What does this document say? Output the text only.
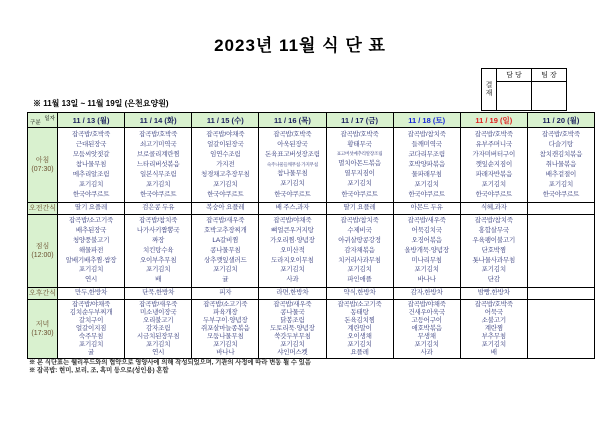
2023년 11월 식 단 표
결재
담 당	팀 장
※ 11월 13일 ~ 11월 19일 (은천요양원)
일자
구분	11 / 13 (월)	11 / 14 (화)	11 / 15 (수)	11 / 16 (목)	11 / 17 (금)	11 / 18 (토)	11 / 19 (일)	11 / 20 (월)

아침
(07:30)

잡곡밥/호박죽
근대된장국
모둠씨앗젓갈
참나물무침
메추리알조림
포기김치
한국야쿠르트

잡곡밥/호박죽
쇠고기미역국
브로콜리계란찜
느타리버섯볶음
일본식무조림
포기김치
한국야쿠르트

잡곡밥/야채죽
얼갈이된장국
임연수조림
가지전
청경채고추장무침
포기김치
한국야쿠르트

잡곡밥/호박죽
아욱된장국
돈육표고버섯장조림
숙주나물들깨무침·가지무침
참나물무침
포기김치
한국야쿠르트

잡곡밥/호박죽
황태무국
표고버섯메추리알장조림
멸치아몬드볶음
열무지짐이
포기김치
한국야쿠르트

잡곡밥/참치죽
들깨미역국
코다리무조림
호박양파볶음
물파래무침
포기김치
한국야쿠르트

잡곡밥/호박죽
유부주머니국
가자미버터구이
깻잎순지짐이
파래자반볶음
포기김치
한국야쿠르트

잡곡밥/호박죽
다슬기탕
참치캔김치볶음
취나물볶음
배추겉절이
포기김치
한국야쿠르트

오전간식	딸기 요플레	검은콩 두유	복숭아 요플레	배 주스,과자	딸기 요플레	아몬드 두유	식혜,과자	

점심
(12:00)

잡곡밥/소고기죽
배추된장국
청양풍불고기
해물파전
알배기배추찜·쌈장
포기김치
연시

잡곡밥/참치죽
나가사키짬뽕국
짜장
치킨탕수육
오이부추무침
포기김치
배

잡곡밥/새우죽
호박고추장찌개
LA갈비찜
콩나물무침
상추깻잎샐러드
포기김치
귤

잡곡밥/야채죽
뼈얼큰우거지탕
가오리찜·양념장
오미산적
도라지오이무침
포기김치
사과

잡곡밥/참치죽
수제비국
아귀살땅콩강정
감자채볶음
치커리사과무침
포기김치
파인애플

잡곡밥/새우죽
어묵김치국
오징어볶음
올방개묵·양념장
미나리무침
포기김치
바나나

잡곡밥/참치죽
홍합살무국
우육팽이불고기
단호박찜
톳나물사과무침
포기김치
단감

오후간식	만두,한방차	단묵,한방차	피자	라면,한방차	약식,한방차	감자,한방차	밤빵,한방차	

저녁
(17:30)

잡곡밥/야채죽
김치순두부찌개
갈치구이
얼갈이지짐
숙주무침
포기김치
귤

잡곡밥/새우죽
미소냉이장국
오리불고기
감자조림
시금치된장무침
포기김치
연시

잡곡밥/소고기죽
파육개장
두부구이·양념장
쥐포살마늘종볶음
모둠나물무침
포기김치
바나나

잡곡밥/새우죽
콩나물국
닭봉조림
도토리묵·양념장
쑥갓두부무침
포기김치
샤인머스켓

잡곡밥/소고기죽
동태탕
돈육김치찜
계란말이
오이생채
포기김치
요플레

잡곡밥/야채죽
건새우아욱국
고등어구이
애호박볶음
무생채
포기김치
사과

잡곡밥/호박죽
어묵국
소불고기
계란찜
부추무침
포기김치
배

※ 본 식단표는 웰리푸드와의 협약으로 영양사에 의해 작성되었으며, 기관의 사정에 따라 변동 될 수 있음
※ 잡곡밥: 현미, 보리, 조, 흑미 등으로(성인용) 혼합
